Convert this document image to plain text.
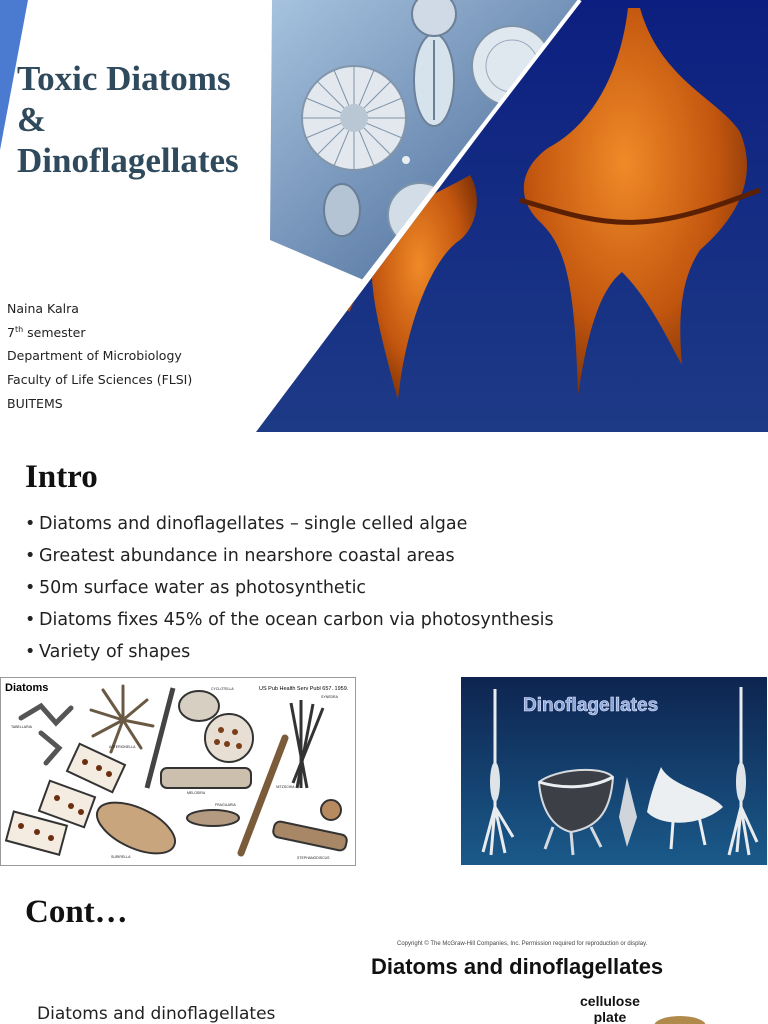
Toxic Diatoms
&
Dinoflagellates
Naina Kalra
7th semester
Department of Microbiology
Faculty of Life Sciences (FLSI)
BUITEMS
Intro
• Diatoms and dinoflagellates – single celled algae
• Greatest abundance in nearshore coastal areas
• 50m surface water as photosynthetic
• Diatoms fixes 45% of the ocean carbon via photosynthesis
• Variety of shapes
Diatoms	US Pub Health Serv Publ 657. 1959.
TABELLARIA
ASTERIONELLA
SYNEDRA
CYCLOTELLA
MELOSIRA
FRAGILARIA
NITZSCHIA
STEPHANODISCUS
SURIRELLA
Dinoflagellates
Cont…
Copyright © The McGraw-Hill Companies, Inc. Permission required for reproduction or display.
Diatoms and dinoflagellates
cellulose
plate
Diatoms and dinoflagellates
